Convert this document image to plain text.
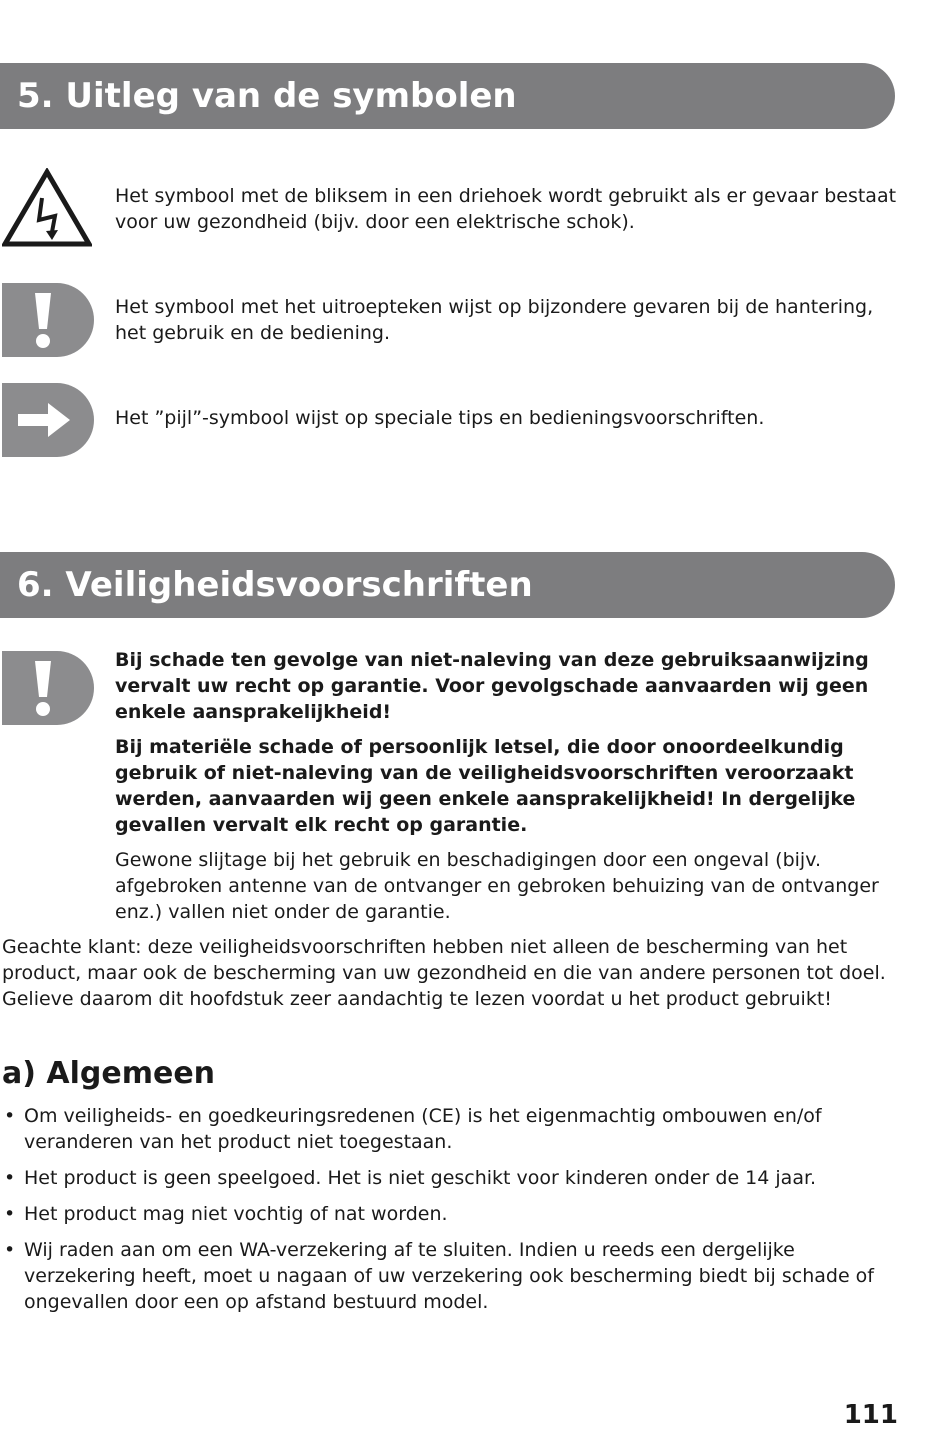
5. Uitleg van de symbolen

Het symbool met de bliksem in een driehoek wordt gebruikt als er gevaar bestaat voor uw gezondheid (bijv. door een elektrische schok).

Het symbool met het uitroepteken wijst op bijzondere gevaren bij de hantering, het gebruik en de bediening.

Het ”pijl”-symbool wijst op speciale tips en bedieningsvoorschriften.

6. Veiligheidsvoorschriften

Bij schade ten gevolge van niet-naleving van deze gebruiksaanwijzing vervalt uw recht op garantie. Voor gevolgschade aanvaarden wij geen enkele aansprakelijkheid!

Bij materiële schade of persoonlijk letsel, die door onoordeelkundig gebruik of niet-naleving van de veiligheidsvoorschriften veroorzaakt werden, aanvaarden wij geen enkele aansprakelijkheid! In dergelijke gevallen vervalt elk recht op garantie.

Gewone slijtage bij het gebruik en beschadigingen door een ongeval (bijv. afgebroken antenne van de ontvanger en gebroken behuizing van de ontvanger enz.) vallen niet onder de garantie.

Geachte klant: deze veiligheidsvoorschriften hebben niet alleen de bescherming van het product, maar ook de bescherming van uw gezondheid en die van andere personen tot doel. Gelieve daarom dit hoofdstuk zeer aandachtig te lezen voordat u het product gebruikt!

a) Algemeen
• Om veiligheids- en goedkeuringsredenen (CE) is het eigenmachtig ombouwen en/of veranderen van het product niet toegestaan.
• Het product is geen speelgoed. Het is niet geschikt voor kinderen onder de 14 jaar.
• Het product mag niet vochtig of nat worden.
• Wij raden aan om een WA-verzekering af te sluiten. Indien u reeds een dergelijke verzekering heeft, moet u nagaan of uw verzekering ook bescherming biedt bij schade of ongevallen door een op afstand bestuurd model.
111
